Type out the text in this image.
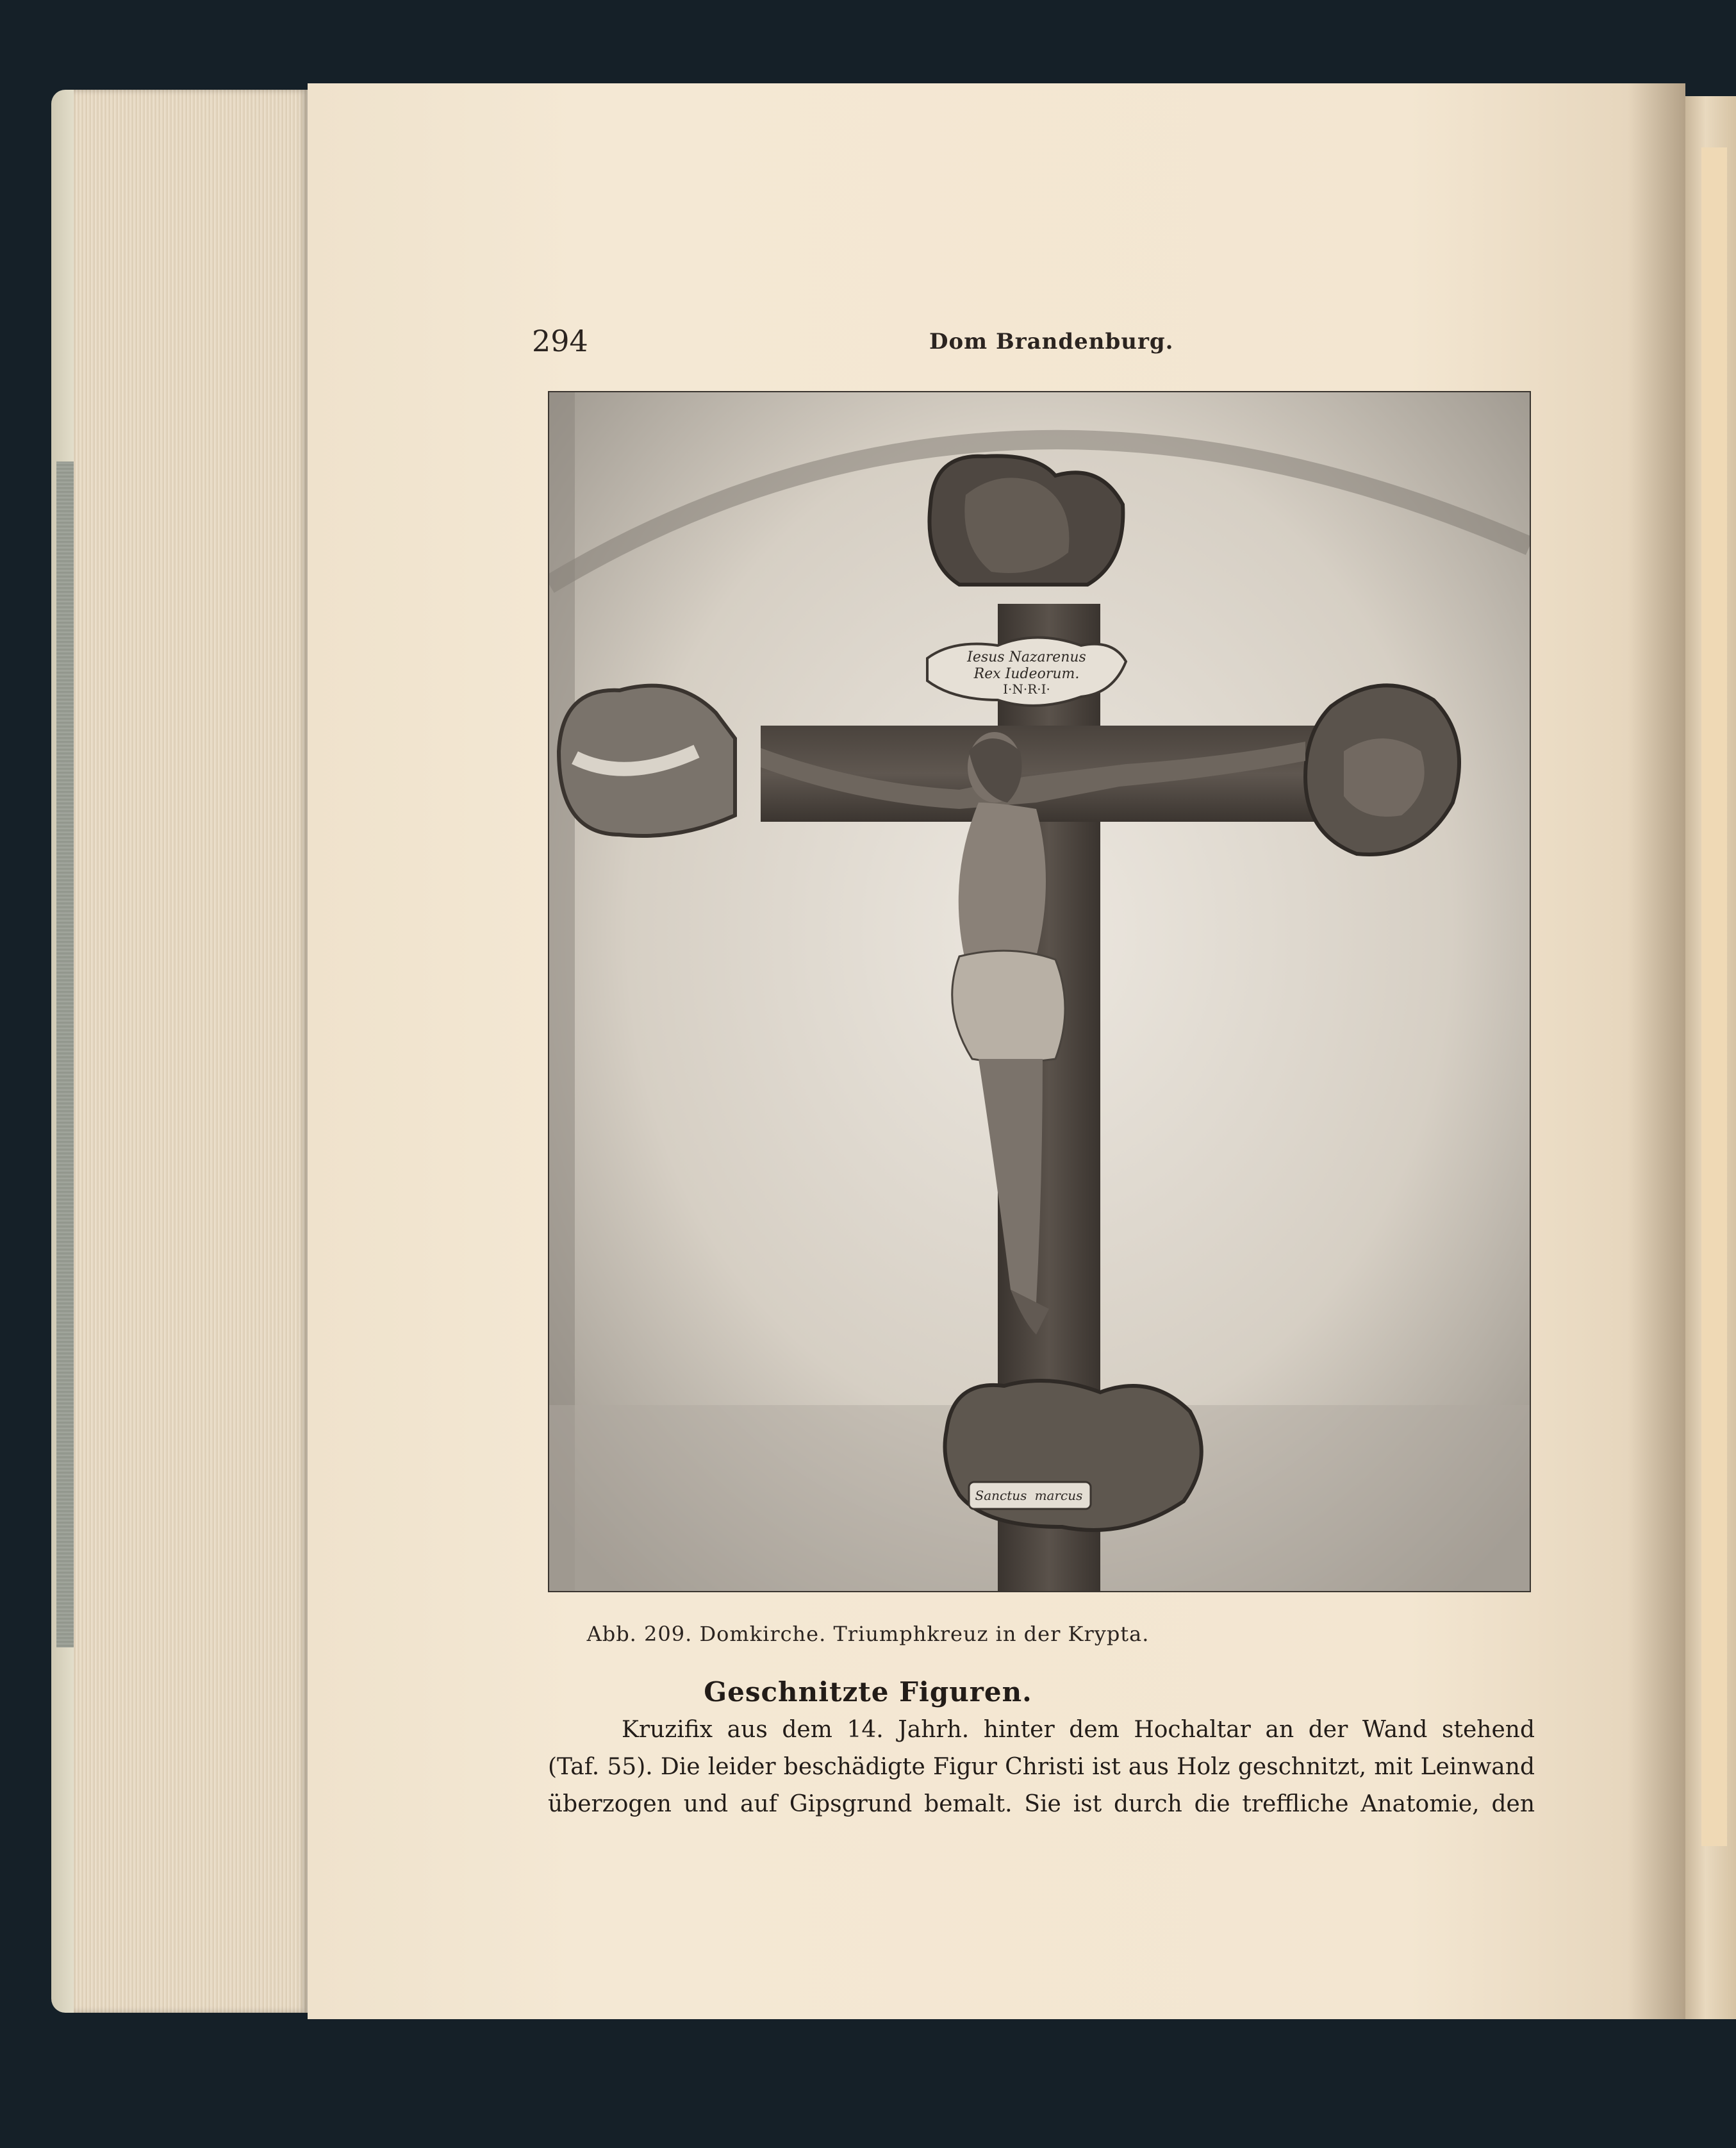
294	Dom Brandenburg.
Iesus Nazarenus
Rex Iudeorum.
I·N·R·I·
Sanctus marcus
Abb. 209. Domkirche. Triumphkreuz in der Krypta.
Geschnitzte Figuren.
Kruzifix aus dem 14. Jahrh. hinter dem Hochaltar an der Wand stehend
(Taf. 55). Die leider beschädigte Figur Christi ist aus Holz geschnitzt, mit Leinwand
überzogen und auf Gipsgrund bemalt. Sie ist durch die treffliche Anatomie, den
